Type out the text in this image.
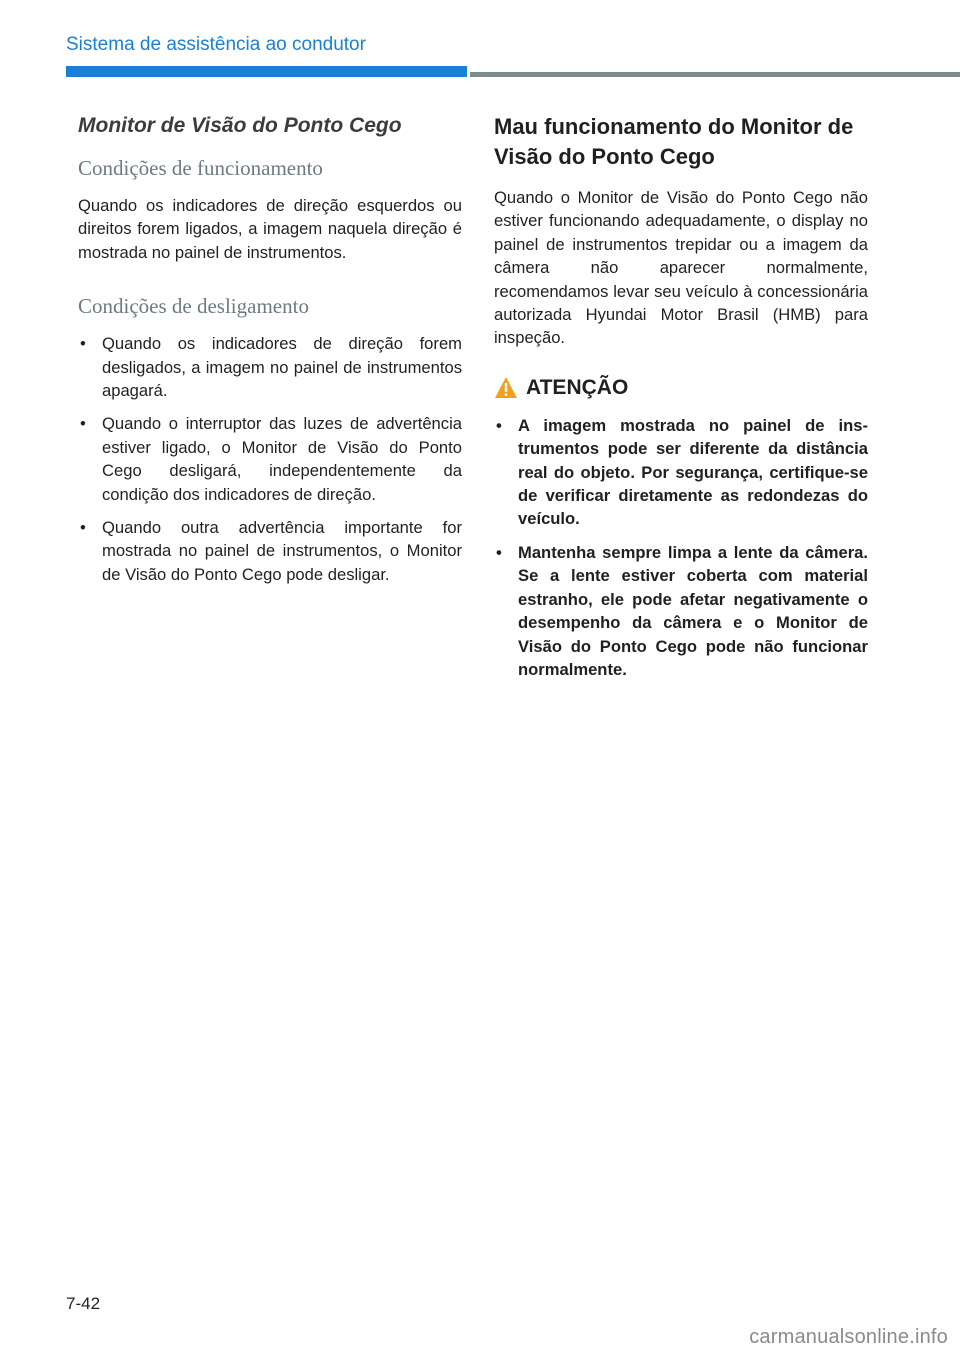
Sistema de assistência ao condutor
Monitor de Visão do Ponto Cego
Condições de funcionamento

Quando os indicadores de direção esquerdos ou direitos forem ligados, a imagem naquela direção é mostrada no painel de instrumentos.

Condições de desligamento
• Quando os indicadores de direção forem desligados, a imagem no painel de instrumentos apagará.
• Quando o interruptor das luzes de advertência estiver ligado, o Monitor de Visão do Ponto Cego desligará, independentemente da condição dos indicadores de direção.
• Quando outra advertência importante for mostrada no painel de instrumentos, o Monitor de Visão do Ponto Cego pode desligar.
Mau funcionamento do Monitor de Visão do Ponto Cego

Quando o Monitor de Visão do Ponto Cego não estiver funcionando adequadamente, o display no painel de instrumentos trepidar ou a imagem da câmera não aparecer normalmente, recomendamos levar seu veículo à concessionária autorizada Hyundai Motor Brasil (HMB) para inspeção.

ATENÇÃO
• A imagem mostrada no painel de instrumentos pode ser diferente da distância real do objeto. Por segurança, certifique-se de verificar diretamente as redondezas do veículo.
• Mantenha sempre limpa a lente da câmera. Se a lente estiver coberta com material estranho, ele pode afetar negativamente o desempenho da câmera e o Monitor de Visão do Ponto Cego pode não funcionar normalmente.
7-42
carmanualsonline.info
